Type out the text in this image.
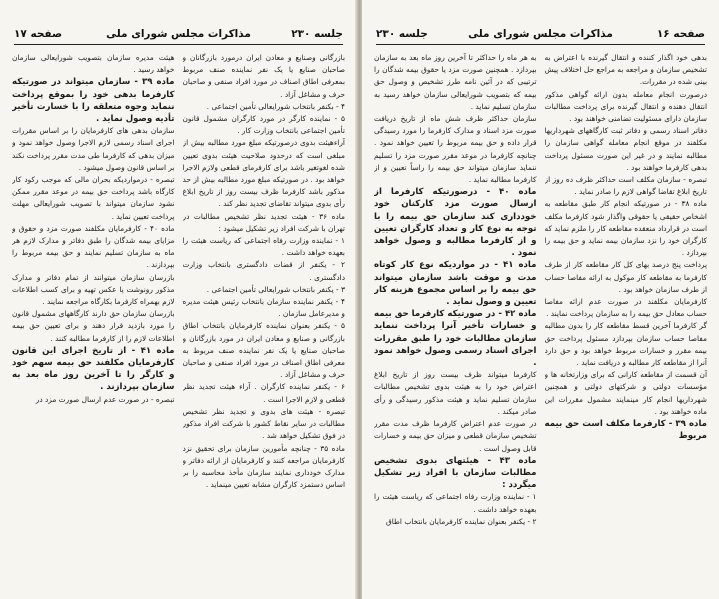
جلسه ۲۳۰
مذاکرات مجلس شورای ملی
صفحه ۱۷

بازرگانی وصنایع و معادن ایران درمورد بازرگانان و صاحبان صنایع یا یک نفر نماینده صنف مربوط بمعرفی اطاق اصناف در مورد افراد صنفی و صاحبان حرف و مشاغل آزاد .

۴ - بکنفر بانتخاب شورایعالی تأمین اجتماعی .

۵ - نماینده کارگر در مورد کارگران مشمول قانون تأمین اجتماعی بانتخاب وزارت کار .

آراءهیئت بدوی درصورتیکه مبلغ مورد مطالبه بیش از مبلغی است که درحدود صلاحیت هیئت بدوی تعیین شده لغوتغیر باشد برای کارفرمای قطعی ولازم الاجرا خواهد بود . در صورتیکه مبلغ مورد مطالبه بیش از حد مذکور باشد کارفرما ظرف بیست روز از تاریخ ابلاغ رأی بدوی میتواند تقاضای تجدید نظر کند .

ماده ۳۶ - هیئت تجدید نظر تشخیص مطالبات در تهران با شرکت افراد زیر تشکیل میشود :

۱ - نماینده وزارت رفاه اجتماعی که ریاست هیئت را بعهده خواهد داشت .

۲ - یکنفر از قضات دادگستری بانتخاب وزارت دادگستری .

۳ - یکنفر بانتخاب شورایعالی تأمین اجتماعی .

۴ - یکنفر نماینده سازمان بانتخاب رئیس هیئت مدیره و مدیرعامل سازمان .

۵ - یکنفر بعنوان نماینده کارفرمایان بانتخاب اطاق بازرگانی و صنایع و معادن ایران در مورد بازرگانان و صاحبان صنایع یا یک نفر نماینده صنف مربوط به معرفی اطاق اصناف در مورد افراد صنفی و صاحبان حرف و مشاغل آزاد .

۶ - یکنفر نماینده کارگران . آراء هیئت تجدید نظر قطعی و لازم الاجرا است .

تبصره - هیئت های بدوی و تجدید نظر تشخیص مطالبات در سایر نقاط کشور با شرکت افراد مذکور در فوق تشکیل خواهد شد .

ماده ۳۵ - چنانچه مأمورین سازمان برای تحقیق نزد کارفرمایان مراجعه کنند و کارفرمایان از ارائه دفاتر و مدارک خودداری نمایند سازمان مأخذ محاسبه را بر اساس دستمزد کارگران مشابه تعیین مینماید .

هیئت مدیره سازمان بتصویب شورایعالی سازمان خواهد رسید .

ماده ۳۹ - سازمان میتواند در صورتیکه کارفرما بدهی خود را بموقع پرداخت ننماید وجوه متعلقه را با خسارت تأخیر تأدیه وصول نماید .

سازمان بدهی های کارفرمایان را بر اساس مقررات اجرای اسناد رسمی لازم الاجرا وصول خواهد نمود و میزان بدهی که کارفرما طی مدت مقرر پرداخت نکند بر اساس قانون وصول میشود .

تبصره - درمواردیکه بحران مالی که موجب رکود کار کارگاه باشد پرداخت حق بیمه در موعد مقرر ممکن نشود سازمان میتواند با تصویب شورایعالی مهلت پرداخت تعیین نماید .

ماده ۴۰ - کارفرمایان مکلفند صورت مزد و حقوق و مزایای بیمه شدگان را طبق دفاتر و مدارک لازم هر ماه به سازمان تسلیم نمایند و حق بیمه مربوط را بپردازند .

بازرسان سازمان میتوانند از تمام دفاتر و مدارک مذکور رونوشت یا عکس تهیه و برای کسب اطلاعات لازم بهمراه کارفرما بکارگاه مراجعه نمایند .

بازرسان سازمان حق دارند کارگاههای مشمول قانون را مورد بازدید قرار دهند و برای تعیین حق بیمه اطلاعات لازم را از کارفرما مطالبه کنند .

ماده ۴۱ - از تاریخ اجرای این قانون کارفرمایان مکلفند حق بیمه سهم خود و کارگر را تا آخرین روز ماه بعد به سازمان بپردازند .

تبصره - در صورت عدم ارسال صورت مزد در

صفحه ۱۶
مذاکرات مجلس شورای ملی
جلسه ۲۳۰

بدهی خود اگذار کننده و انتقال گیرنده با اعتراض به تشخیص سازمان و مراجعه به مراجع حل اختلاف پیش بینی شده در مقررات.

درصورت انجام معامله بدون ارائه گواهی مذکور انتقال دهنده و انتقال گیرنده برای پرداخت مطالبات سازمان دارای مسئولیت تضامنی خواهند بود .

دفاتر اسناد رسمی و دفاتر ثبت کارگاههای شهرداریها مکلفند در موقع انجام معامله گواهی سازمان را مطالبه نمایند و در غیر این صورت مسئول پرداخت بدهی کارفرما خواهند بود .

تبصره - سازمان مکلف است حداکثر ظرف ده روز از تاریخ ابلاغ تقاضا گواهی لازم را صادر نماید .

ماده ۳۸ - در صورتیکه انجام کار طبق مقاطعه به اشخاص حقیقی یا حقوقی واگذار شود کارفرما مکلف است در قرارداد منعقده مقاطعه کار را ملزم نماید که کارگران خود را نزد سازمان بیمه نماید و حق بیمه را بپردازد .

پرداخت پنج درصد بهای کل کار مقاطعه کار از طرف کارفرما به مقاطعه کار موکول به ارائه مفاصا حساب از طرف سازمان خواهد بود .

کارفرمایان مکلفند در صورت عدم ارائه مفاصا حساب معادل حق بیمه را به سازمان پرداخت نمایند .

گر کارفرما آخرین قسط مقاطعه کار را بدون مطالبه مفاصا حساب سازمان بپردازد مسئول پرداخت حق بیمه مقرر و خسارات مربوط خواهد بود و حق دارد آنرا از مقاطعه کار مطالبه و دریافت نماید .

آن قسمت از مقاطعه کارانی که برای وزارتخانه ها و مؤسسات دولتی و شرکتهای دولتی و همچنین شهرداریها انجام کار مینمایند مشمول مقررات این ماده خواهند بود .

ماده ۳۹ - کارفرما مکلف است حق بیمه مربوط

به هر ماه را حداکثر تا آخرین روز ماه بعد به سازمان بپردازد . همچنین صورت مزد یا حقوق بیمه شدگان را ترتیبی که در آئین نامه طرز تشخیص و وصول حق بیمه که بتصویب شورایعالی سازمان خواهد رسید به سازمان تسلیم نماید .

سازمان حداکثر ظرف شش ماه از تاریخ دریافت صورت مزد اسناد و مدارک کارفرما را مورد رسیدگی قرار داده و حق بیمه مربوط را تعیین خواهد نمود . چنانچه کارفرما در موعد مقرر صورت مزد را تسلیم ننماید سازمان میتواند حق بیمه را راساً تعیین و از کارفرما مطالبه نماید .

ماده ۴۰ - درصورتیکه کارفرما از ارسال صورت مزد کارکنان خود خودداری کند سازمان حق بیمه را با توجه به نوع کار و تعداد کارگران تعیین و از کارفرما مطالبه و وصول خواهد نمود .

ماده ۴۱ - در مواردیکه نوع کار کوتاه مدت و موقت باشد سازمان میتواند حق بیمه را بر اساس مجموع هزینه کار تعیین و وصول نماید .

ماده ۴۲ - در صورتیکه کارفرما حق بیمه و خسارات تأخیر آنرا پرداخت ننماید سازمان مطالبات خود را طبق مقررات اجرای اسناد رسمی وصول خواهد نمود .

کارفرما میتواند ظرف بیست روز از تاریخ ابلاغ اعتراض خود را به هیئت بدوی تشخیص مطالبات سازمان تسلیم نماید و هیئت مذکور رسیدگی و رأی صادر میکند .

در صورت عدم اعتراض کارفرما ظرف مدت مقرر تشخیص سازمان قطعی و میزان حق بیمه و خسارات قابل وصول است .

ماده ۴۳ - هیئتهای بدوی تشخیص مطالبات سازمان با افراد زیر تشکیل میگردد :

۱ - نماینده وزارت رفاه اجتماعی که ریاست هیئت را بعهده خواهد داشت .

۲ - یکنفر بعنوان نماینده کارفرمایان بانتخاب اطاق
